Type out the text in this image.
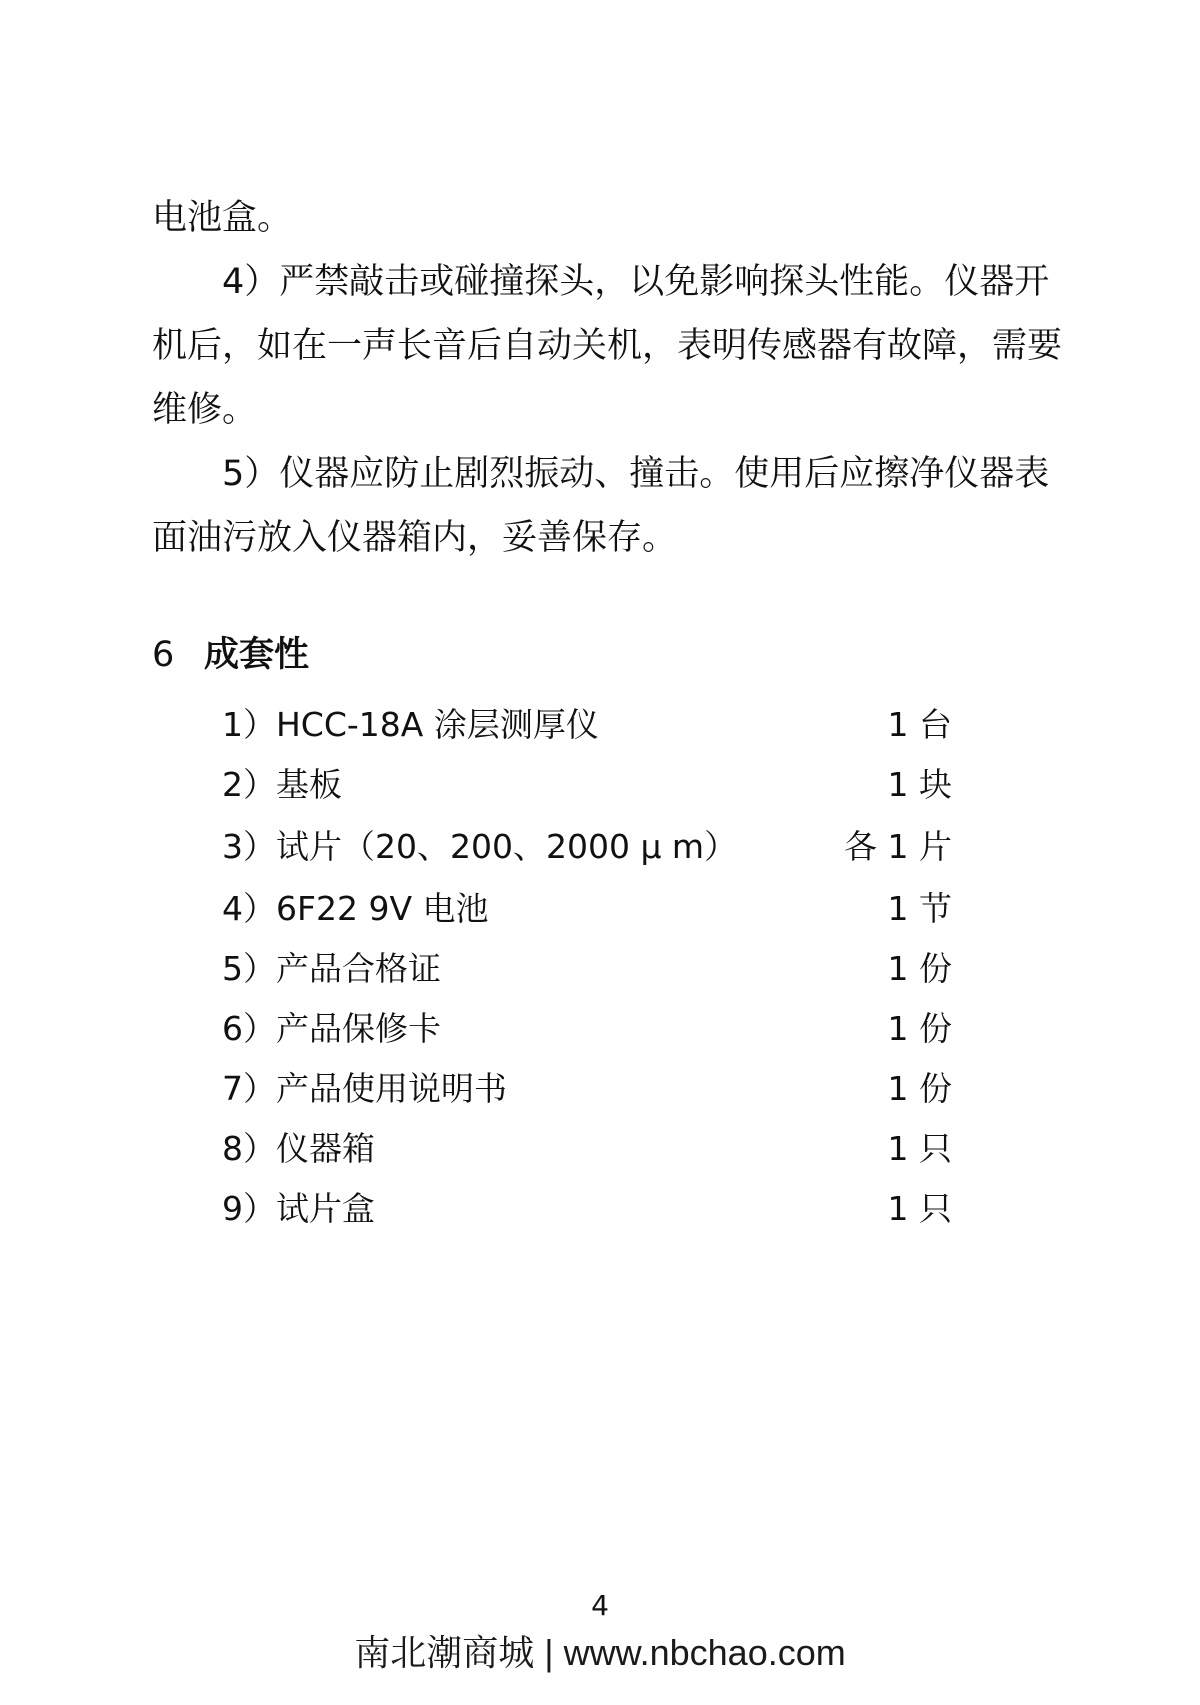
电池盒。

4）严禁敲击或碰撞探头，以免影响探头性能。仪器开
机后，如在一声长音后自动关机，表明传感器有故障，需要
维修。

5）仪器应防止剧烈振动、撞击。使用后应擦净仪器表
面油污放入仪器箱内，妥善保存。

6 成套性
1）HCC-18A 涂层测厚仪	1 台
2）基板	1 块
3）试片（20、200、2000 μ m）	各 1 片
4）6F22 9V 电池	1 节
5）产品合格证	1 份
6）产品保修卡	1 份
7）产品使用说明书	1 份
8）仪器箱	1 只
9）试片盒	1 只
4
南北潮商城 | www.nbchao.com
